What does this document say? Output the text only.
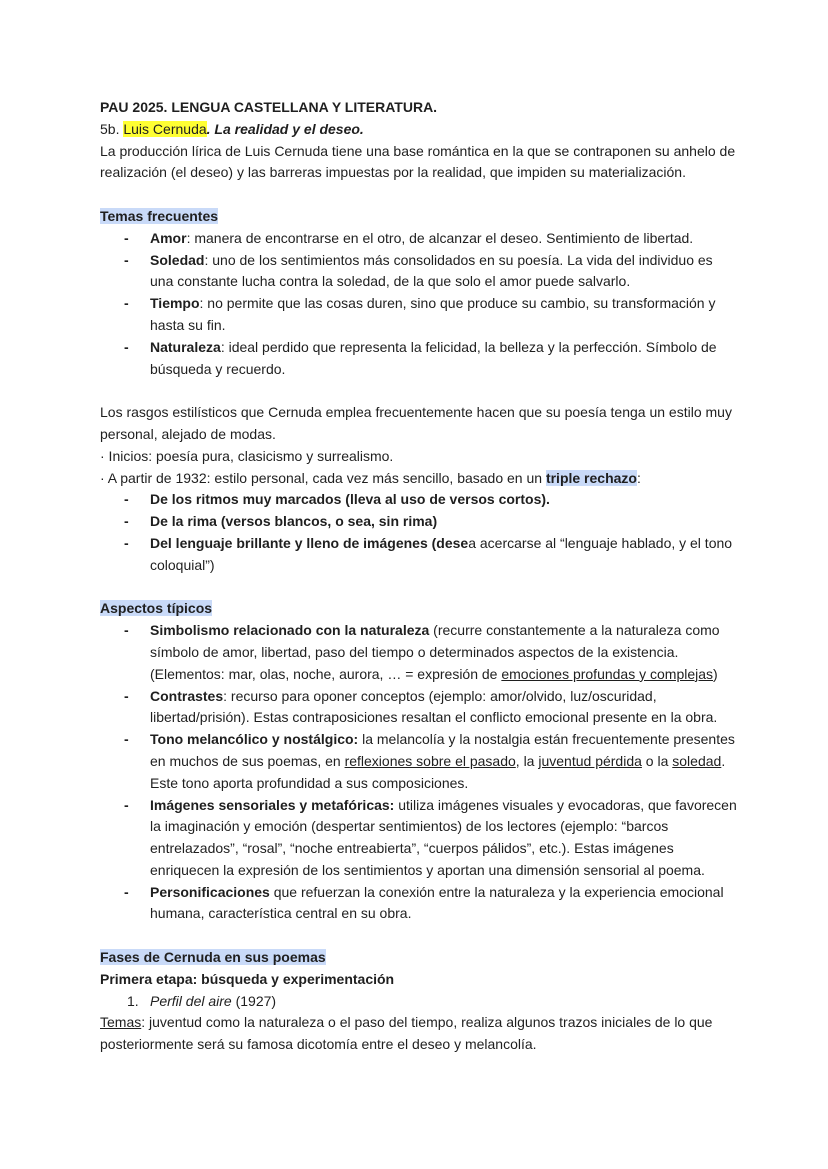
PAU 2025. LENGUA CASTELLANA Y LITERATURA.
5b. Luis Cernuda. La realidad y el deseo.
La producción lírica de Luis Cernuda tiene una base romántica en la que se contraponen su anhelo de
realización (el deseo) y las barreras impuestas por la realidad, que impiden su materialización.
Temas frecuentes
- Amor: manera de encontrarse en el otro, de alcanzar el deseo. Sentimiento de libertad.
- Soledad: uno de los sentimientos más consolidados en su poesía. La vida del individuo es
una constante lucha contra la soledad, de la que solo el amor puede salvarlo.
- Tiempo: no permite que las cosas duren, sino que produce su cambio, su transformación y
hasta su fin.
- Naturaleza: ideal perdido que representa la felicidad, la belleza y la perfección. Símbolo de
búsqueda y recuerdo.
Los rasgos estilísticos que Cernuda emplea frecuentemente hacen que su poesía tenga un estilo muy
personal, alejado de modas.
· Inicios: poesía pura, clasicismo y surrealismo.
· A partir de 1932: estilo personal, cada vez más sencillo, basado en un triple rechazo:
- De los ritmos muy marcados (lleva al uso de versos cortos).
- De la rima (versos blancos, o sea, sin rima)
- Del lenguaje brillante y lleno de imágenes (desea acercarse al “lenguaje hablado, y el tono
coloquial”)
Aspectos típicos
- Simbolismo relacionado con la naturaleza (recurre constantemente a la naturaleza como
símbolo de amor, libertad, paso del tiempo o determinados aspectos de la existencia.
(Elementos: mar, olas, noche, aurora, … = expresión de emociones profundas y complejas)
- Contrastes: recurso para oponer conceptos (ejemplo: amor/olvido, luz/oscuridad,
libertad/prisión). Estas contraposiciones resaltan el conflicto emocional presente en la obra.
- Tono melancólico y nostálgico: la melancolía y la nostalgia están frecuentemente presentes
en muchos de sus poemas, en reflexiones sobre el pasado, la juventud pérdida o la soledad.
Este tono aporta profundidad a sus composiciones.
- Imágenes sensoriales y metafóricas: utiliza imágenes visuales y evocadoras, que favorecen
la imaginación y emoción (despertar sentimientos) de los lectores (ejemplo: “barcos
entrelazados”, “rosal”, “noche entreabierta”, “cuerpos pálidos”, etc.). Estas imágenes
enriquecen la expresión de los sentimientos y aportan una dimensión sensorial al poema.
- Personificaciones que refuerzan la conexión entre la naturaleza y la experiencia emocional
humana, característica central en su obra.
Fases de Cernuda en sus poemas
Primera etapa: búsqueda y experimentación
1. Perfil del aire (1927)
Temas: juventud como la naturaleza o el paso del tiempo, realiza algunos trazos iniciales de lo que
posteriormente será su famosa dicotomía entre el deseo y melancolía.
